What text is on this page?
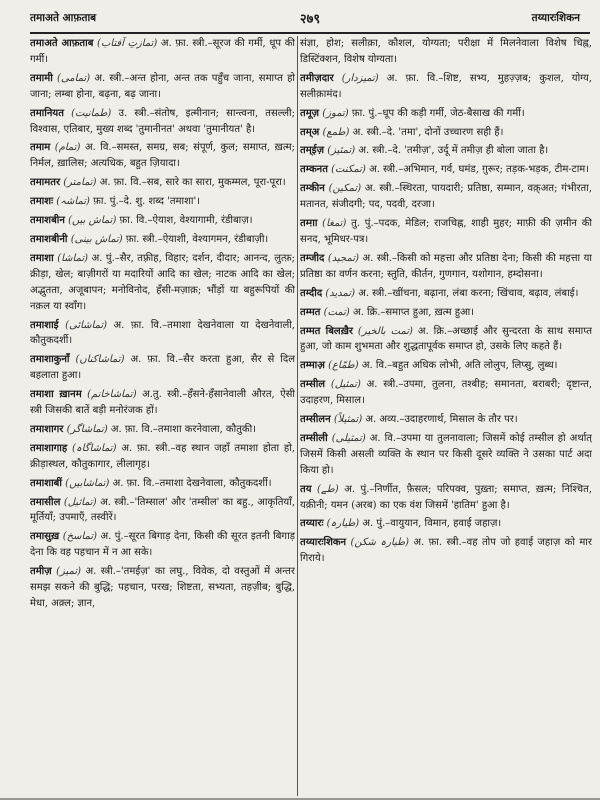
तमाअते आफ़ताब	२७९	तय्यारःशिकन

तमाअते आफ़ताब (تمازتِ آفتاب) अ. फ़ा. स्त्री.–सूरज की गर्मी, धूप की गर्मी।

तमामी (تمامی) अ. स्त्री.–अन्त होना, अन्त तक पहुँच जाना, समाप्त हो जाना; लम्बा होना, बढ़ना, बढ़ जाना।

तमानियत (طمانیت) उ. स्त्री.–संतोष, इत्मीनान; सान्त्वना, तसल्ली; विश्वास, एतिबार, मुख्य शब्द 'तुमानीनत' अथवा 'तुमानीयत' है।

तमाम (تمام) अ. वि.–समस्त, समग्र, सब; संपूर्ण, कुल; समाप्त, ख़त्म; निर्मल, ख़ालिस; अत्यधिक, बहुत ज़ियादा।

तमामतर (تمامتر) अ. फ़ा. वि.–सब, सारे का सारा, मुकम्मल, पूरा-पूरा।

तमाशः (تماشہ) फ़ा. पुं.–दे. शु. शब्द 'तमाशा'।

तमाशबीन (تماش بیں) फ़ा. वि.–ऐयाश, वेश्यागामी, रंडीबाज़।

तमाशबीनी (تماش بینی) फ़ा. स्त्री.–ऐयाशी, वेश्यागमन, रंडीबाज़ी।

तमाशा (تماشا) अ. पुं.–सैर, तफ़्रीह, विहार; दर्शन, दीदार; आनन्द, लुत्फ़; क्रीड़ा, खेल; बाज़ीगरों या मदारियों आदि का खेल; नाटक आदि का खेल; अद्भुतता, अजूबापन; मनोविनोद, हँसी-मज़ाक़; भौंड़ों या बहुरूपियों की नक़ल या स्वाँग।

तमाशाई (تماشائی) अ. फ़ा. वि.–तमाशा देखनेवाला या देखनेवाली, कौतुकदर्शी।

तमाशाकुनाँ (تماشاکناں) अ. फ़ा. वि.–सैर करता हुआ, सैर से दिल बहलाता हुआ।

तमाशा ख़ानम (تماشاخانم) अ.तु. स्त्री.–हँसने-हँसानेवाली औरत, ऐसी स्त्री जिसकी बातें बड़ी मनोरंजक हों।

तमाशागर (تماشاگر) अ. फ़ा. वि.–तमाशा करनेवाला, कौतुकी।

तमाशागाह (تماشاگاہ) अ. फ़ा. स्त्री.–वह स्थान जहाँ तमाशा होता हो, क्रीड़ास्थल, कौतुकागार, लीलागृह।

तमाशाबीं (تماشابیں) अ. फ़ा. वि.–तमाशा देखनेवाला, कौतुकदर्शी।

तमासील (تماثیل) अ. स्त्री.–'तिम्साल' और 'तम्सील' का बहु., आकृतियाँ, मूर्तियाँ; उपमाएँ, तस्वीरें।

तमासुख़ (تماسخ) अ. पुं.–सूरत बिगाड़ देना, किसी की सूरत इतनी बिगाड़ देना कि वह पहचान में न आ सके।

तमीज़ (تمیز) अ. स्त्री.–'तमईज़' का लघु., विवेक, दो वस्तुओं में अन्तर समझ सकने की बुद्धि; पहचान, परख; शिष्टता, सभ्यता, तहज़ीब; बुद्धि, मेधा, अक़्ल; ज्ञान,

संज्ञा, होश; सलीक़ा, कौशल, योग्यता; परीक्षा में मिलनेवाला विशेष चिह्न, डिस्टिंक्शन, विशेष योग्यता।

तमीज़दार (تمیزدار) अ. फ़ा. वि.–शिष्ट, सभ्य, मुहज़्ज़ब; कुशल, योग्य, सलीक़ामंद।

तमूज़ (تموز) फ़ा. पुं.–धूप की कड़ी गर्मी, जेठ-बैसाख की गर्मी।

तम्अ (طمع) अ. स्त्री.–दे. 'तमा', दोनों उच्चारण सही हैं।

तम्ईज़ (تمئیز) अ. स्त्री.–दे. 'तमीज़', उर्दू में तमीज़ ही बोला जाता है।

तम्कनत (تمکنت) अ. स्त्री.–अभिमान, गर्व, घमंड, ग़ुरूर; तड़क-भड़क, टीम-टाम।

तम्कीन (تمکین) अ. स्त्री.–स्थिरता, पायदारी; प्रतिष्ठा, सम्मान, वक़्अत; गंभीरता, मतानत, संजीदगी; पद, पदवी, दरजा।

तम्ग़ा (تمغا) तु. पुं.–पदक, मेडिल; राजचिह्न, शाही मुहर; माफ़ी की ज़मीन की सनद, भूमिधर-पत्र।

तम्जीद (تمجید) अ. स्त्री.–किसी को महत्ता और प्रतिष्ठा देना; किसी की महत्ता या प्रतिष्ठा का वर्णन करना; स्तुति, कीर्तन, गुणगान, यशोगान, हम्दोसना।

तम्दीद (تمدید) अ. स्त्री.–खींचना, बढ़ाना, लंबा करना; खिंचाव, बढ़ाव, लंबाई।

तम्मत (تمت) अ. क्रि.–समाप्त हुआ, ख़त्म हुआ।

तम्मत बिलख़ैर (تمت بالخیر) अ. क्रि.–अच्छाई और सुन्दरता के साथ समाप्त हुआ, जो काम शुभमता और शुद्धतापूर्वक समाप्त हो, उसके लिए कहते हैं।

तम्माअ़ (طمّاع) अ. वि.–बहुत अधिक लोभी, अति लोलुप, लिप्सु, लुब्ध।

तम्सील (تمثیل) अ. स्त्री.–उपमा, तुलना, तश्बीह; समानता, बराबरी; दृष्टान्त, उदाहरण, मिसाल।

तम्सीलन (تمثیلاً) अ. अव्य.–उदाहरणार्थ, मिसाल के तौर पर।

तम्सीली (تمثیلی) अ. वि.–उपमा या तुलनावाला; जिसमें कोई तम्सील हो अर्थात् जिसमें किसी असली व्यक्ति के स्थान पर किसी दूसरे व्यक्ति ने उसका पार्ट अदा किया हो।

तय (طے) अ. पुं.–निर्णीत, फ़ैसल; परिपक्व, पुख़्ता; समाप्त, ख़त्म; निश्चित, यक़ीनी; यमन (अरब) का एक वंश जिसमें 'हातिम' हुआ है।

तय्यारः (طیارہ) अ. पुं.–वायुयान, विमान, हवाई जहाज़।

तय्यारःशिकन (طیارہ شکن) अ. फ़ा. स्त्री.–वह तोप जो हवाई जहाज़ को मार गिराये।
